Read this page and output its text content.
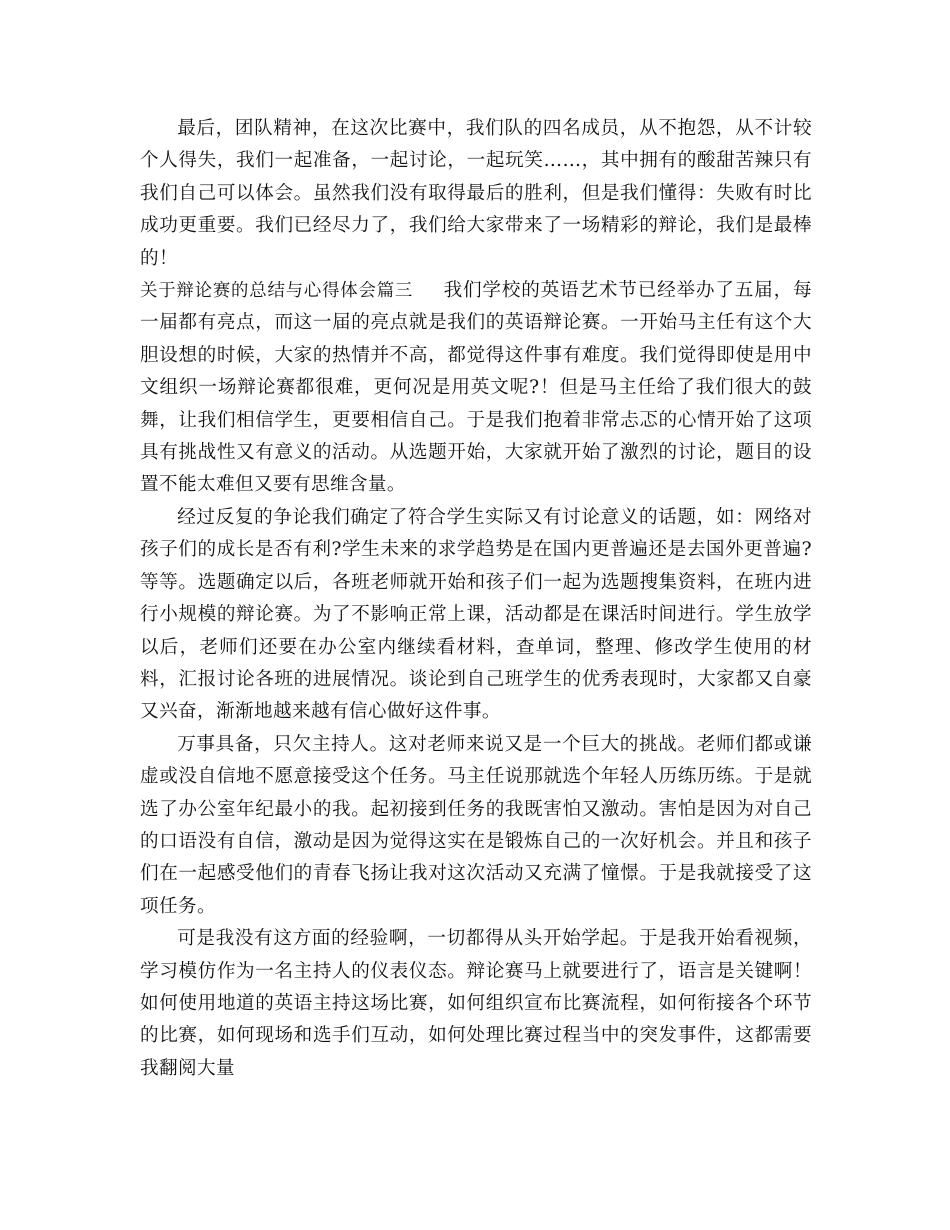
最后，团队精神，在这次比赛中，我们队的四名成员，从不抱怨，从不计较个人得失，我们一起准备，一起讨论，一起玩笑……，其中拥有的酸甜苦辣只有我们自己可以体会。虽然我们没有取得最后的胜利，但是我们懂得：失败有时比成功更重要。我们已经尽力了，我们给大家带来了一场精彩的辩论，我们是最棒的！

关于辩论赛的总结与心得体会篇三 我们学校的英语艺术节已经举办了五届，每一届都有亮点，而这一届的亮点就是我们的英语辩论赛。一开始马主任有这个大胆设想的时候，大家的热情并不高，都觉得这件事有难度。我们觉得即使是用中文组织一场辩论赛都很难，更何况是用英文呢?！但是马主任给了我们很大的鼓舞，让我们相信学生，更要相信自己。于是我们抱着非常忐忑的心情开始了这项具有挑战性又有意义的活动。从选题开始，大家就开始了激烈的讨论，题目的设置不能太难但又要有思维含量。

经过反复的争论我们确定了符合学生实际又有讨论意义的话题，如：网络对孩子们的成长是否有利?学生未来的求学趋势是在国内更普遍还是去国外更普遍?等等。选题确定以后，各班老师就开始和孩子们一起为选题搜集资料，在班内进行小规模的辩论赛。为了不影响正常上课，活动都是在课活时间进行。学生放学以后，老师们还要在办公室内继续看材料，查单词，整理、修改学生使用的材料，汇报讨论各班的进展情况。谈论到自己班学生的优秀表现时，大家都又自豪又兴奋，渐渐地越来越有信心做好这件事。

万事具备，只欠主持人。这对老师来说又是一个巨大的挑战。老师们都或谦虚或没自信地不愿意接受这个任务。马主任说那就选个年轻人历练历练。于是就选了办公室年纪最小的我。起初接到任务的我既害怕又激动。害怕是因为对自己的口语没有自信，激动是因为觉得这实在是锻炼自己的一次好机会。并且和孩子们在一起感受他们的青春飞扬让我对这次活动又充满了憧憬。于是我就接受了这项任务。

可是我没有这方面的经验啊，一切都得从头开始学起。于是我开始看视频，学习模仿作为一名主持人的仪表仪态。辩论赛马上就要进行了，语言是关键啊！如何使用地道的英语主持这场比赛，如何组织宣布比赛流程，如何衔接各个环节的比赛，如何现场和选手们互动，如何处理比赛过程当中的突发事件，这都需要我翻阅大量
